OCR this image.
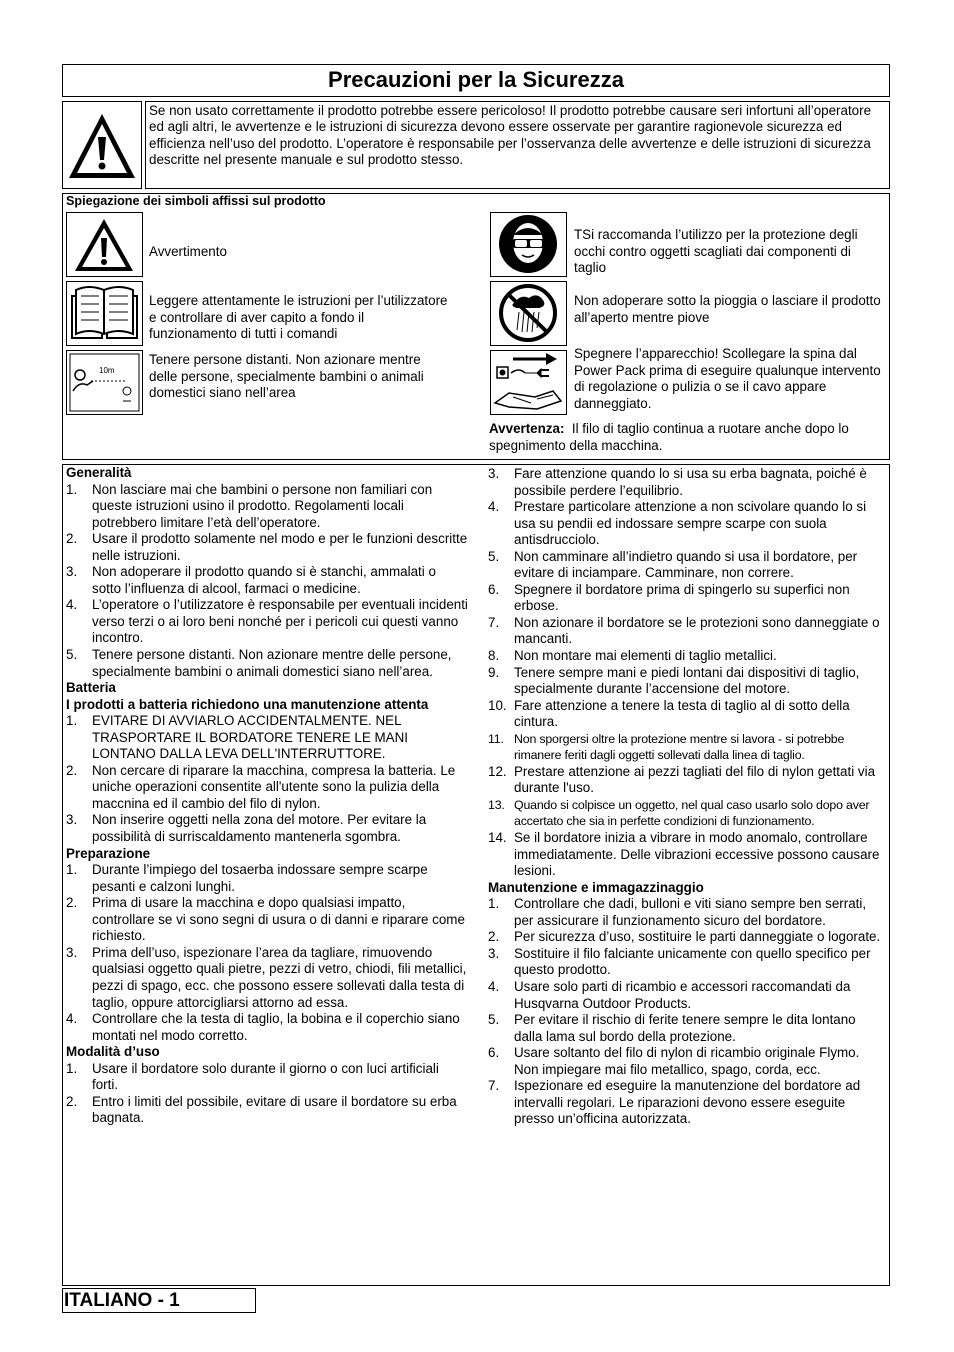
Precauzioni per la Sicurezza
Se non usato correttamente il prodotto potrebbe essere pericoloso! Il prodotto potrebbe causare seri infortuni all’operatore ed agli altri, le avvertenze e le istruzioni di sicurezza devono essere osservate per garantire ragionevole sicurezza ed efficienza nell’uso del prodotto. L’operatore è responsabile per l’osservanza delle avvertenze e delle istruzioni di sicurezza descritte nel presente manuale e sul prodotto stesso.
Spiegazione dei simboli affissi sul prodotto
Avvertimento
Leggere attentamente le istruzioni per l’utilizzatore e controllare di aver capito a fondo il funzionamento di tutti i comandi
10m
Tenere persone distanti. Non azionare mentre delle persone, specialmente bambini o animali domestici siano nell’area
TSi raccomanda l’utilizzo per la protezione degli occhi contro oggetti scagliati dai componenti di taglio
Non adoperare sotto la pioggia o lasciare il prodotto all’aperto mentre piove
Spegnere l’apparecchio! Scollegare la spina dal Power Pack prima di eseguire qualunque intervento di regolazione o pulizia o se il cavo appare danneggiato.
Avvertenza:  Il filo di taglio continua a ruotare anche dopo lo spegnimento della macchina.
Generalità
1. Non lasciare mai che bambini o persone non familiari con queste istruzioni usino il prodotto. Regolamenti locali potrebbero limitare l’età dell’operatore.
2. Usare il prodotto solamente nel modo e per le funzioni descritte nelle istruzioni.
3. Non adoperare il prodotto quando si è stanchi, ammalati o sotto l’influenza di alcool, farmaci o medicine.
4. L’operatore o l’utilizzatore è responsabile per eventuali incidenti verso terzi o ai loro beni nonché per i pericoli cui questi vanno incontro.
5. Tenere persone distanti. Non azionare mentre delle persone, specialmente bambini o animali domestici siano nell’area.
Batteria
I prodotti a batteria richiedono una manutenzione attenta
1. EVITARE DI AVVIARLO ACCIDENTALMENTE. NEL TRASPORTARE IL BORDATORE TENERE LE MANI LONTANO DALLA LEVA DELL'INTERRUTTORE.
2. Non cercare di riparare la macchina, compresa la batteria. Le uniche operazioni consentite all'utente sono la pulizia della maccnina ed il cambio del filo di nylon.
3. Non inserire oggetti nella zona del motore. Per evitare la possibilità di surriscaldamento mantenerla sgombra.
Preparazione
1. Durante l’impiego del tosaerba indossare sempre scarpe pesanti e calzoni lunghi.
2. Prima di usare la macchina e dopo qualsiasi impatto, controllare se vi sono segni di usura o di danni e riparare come richiesto.
3. Prima dell’uso, ispezionare l’area da tagliare, rimuovendo qualsiasi oggetto quali pietre, pezzi di vetro, chiodi, fili metallici, pezzi di spago, ecc. che possono essere sollevati dalla testa di taglio, oppure attorcigliarsi attorno ad essa.
4. Controllare che la testa di taglio, la bobina e il coperchio siano montati nel modo corretto.
Modalità d’uso
1. Usare il bordatore solo durante il giorno o con luci artificiali forti.
2. Entro i limiti del possibile, evitare di usare il bordatore su erba bagnata.
3. Fare attenzione quando lo si usa su erba bagnata, poiché è possibile perdere l’equilibrio.
4. Prestare particolare attenzione a non scivolare quando lo si usa su pendii ed indossare sempre scarpe con suola antisdrucciolo.
5. Non camminare all’indietro quando si usa il bordatore, per evitare di inciampare. Camminare, non correre.
6. Spegnere il bordatore prima di spingerlo su superfici non erbose.
7. Non azionare il bordatore se le protezioni sono danneggiate o mancanti.
8. Non montare mai elementi di taglio metallici.
9. Tenere sempre mani e piedi lontani dai dispositivi di taglio, specialmente durante l’accensione del motore.
10. Fare attenzione a tenere la testa di taglio al di sotto della cintura.
11. Non sporgersi oltre la protezione mentre si lavora - si potrebbe rimanere feriti dagli oggetti sollevati dalla linea di taglio.
12. Prestare attenzione ai pezzi tagliati del filo di nylon gettati via durante l'uso.
13. Quando si colpisce un oggetto, nel qual caso usarlo solo dopo aver accertato che sia in perfette condizioni di funzionamento.
14. Se il bordatore inizia a vibrare in modo anomalo, controllare immediatamente. Delle vibrazioni eccessive possono causare lesioni.
Manutenzione e immagazzinaggio
1. Controllare che dadi, bulloni e viti siano sempre ben serrati, per assicurare il funzionamento sicuro del bordatore.
2. Per sicurezza d’uso, sostituire le parti danneggiate o logorate.
3. Sostituire il filo falciante unicamente con quello specifico per questo prodotto.
4. Usare solo parti di ricambio e accessori raccomandati da Husqvarna Outdoor Products.
5. Per evitare il rischio di ferite tenere sempre le dita lontano dalla lama sul bordo della protezione.
6. Usare soltanto del filo di nylon di ricambio originale Flymo. Non impiegare mai filo metallico, spago, corda, ecc.
7. Ispezionare ed eseguire la manutenzione del bordatore ad intervalli regolari. Le riparazioni devono essere eseguite presso un’officina autorizzata.
ITALIANO - 1
